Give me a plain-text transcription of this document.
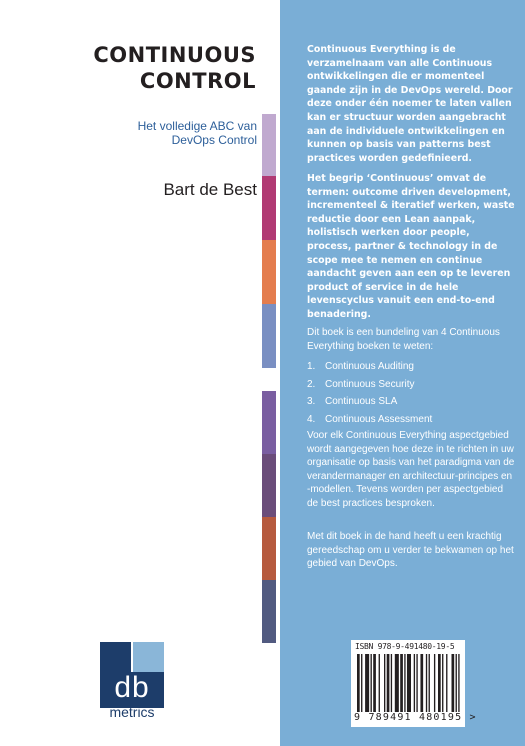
CONTINUOUS
CONTROL
Het volledige ABC van
DevOps Control
Bart de Best
db
metrics
Continuous Everything is de verzamelnaam van alle Continuous ontwikkelingen die er momenteel gaande zijn in de DevOps wereld. Door deze onder één noemer te laten vallen kan er structuur worden aangebracht aan de individuele ontwikkelingen en kunnen op basis van patterns best practices worden gedefinieerd.
Het begrip ‘Continuous’ omvat de termen: outcome driven development, incrementeel & iteratief werken, waste reductie door een Lean aanpak, holistisch werken door people, process, partner & technology in de scope mee te nemen en continue aandacht geven aan een op te leveren product of service in de hele levenscyclus vanuit een end-to-end benadering.
Dit boek is een bundeling van 4 Continuous Everything boeken te weten:
1. Continuous Auditing
2. Continuous Security
3. Continuous SLA
4. Continuous Assessment
Voor elk Continuous Everything aspectgebied wordt aangegeven hoe deze in te richten in uw organisatie op basis van het paradigma van de verandermanager en architectuur-principes en -modellen. Tevens worden per aspectgebied de best practices besproken.
Met dit boek in de hand heeft u een krachtig gereedschap om u verder te bekwamen op het gebied van DevOps.
ISBN 978-9-491480-19-5
9 789491 480195 >
